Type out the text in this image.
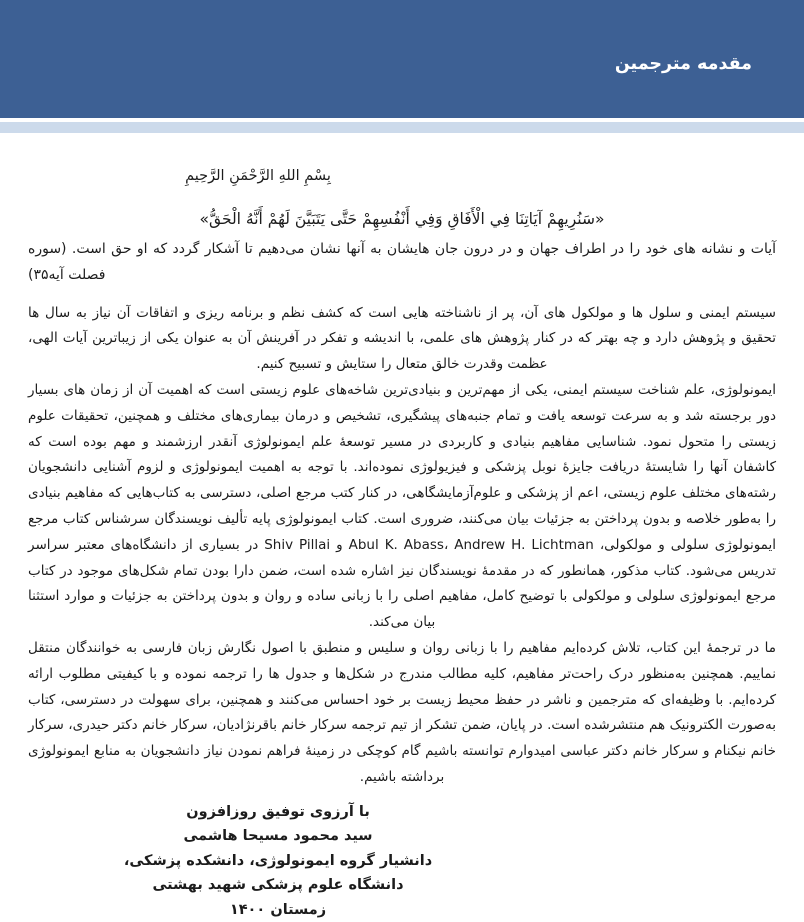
مقدمه مترجمین
بِسْمِ اللهِ الرَّحْمَنِ الرَّحِيمِ
«سَنُرِيهِمْ آيَاتِنَا فِي الْأَفَاقِ وَفِي أَنْفُسِهِمْ حَتَّى يَتَبَيَّنَ لَهُمْ أَنَّهُ الْحَقُّ»
آیات و نشانه های خود را در اطراف جهان و در درون جان هایشان به آنها نشان می‌دهیم تا آشکار گردد که او حق است. (سوره فصلت آیه۳۵)

سیستم ایمنی و سلول ها و مولکول های آن، پر از ناشناخته هایی است که کشف نظم و برنامه ریزی و اتفاقات آن نیاز به سال ها تحقیق و پژوهش دارد و چه بهتر که در کنار پژوهش های علمی، با اندیشه و تفکر در آفرینش آن به عنوان یکی از زیباترین آیات الهی، عظمت وقدرت خالق متعال را ستایش و تسبیح کنیم.

ایمونولوژی، علم شناخت سیستم ایمنی، یکی از مهم‌ترین و بنیادی‌ترین شاخه‌های علوم زیستی است که اهمیت آن از زمان های بسیار دور برجسته شد و به سرعت توسعه یافت و تمام جنبه‌های پیشگیری، تشخیص و درمان بیماری‌های مختلف و همچنین، تحقیقات علوم زیستی را متحول نمود. شناسایی مفاهیم بنیادی و کاربردی در مسیر توسعۀ علم ایمونولوژی آنقدر ارزشمند و مهم بوده است که کاشفان آنها را شایستۀ دریافت جایزۀ نوبل پزشکی و فیزیولوژی نموده‌اند. با توجه به اهمیت ایمونولوژی و لزوم آشنایی دانشجویان رشته‌های مختلف علوم زیستی، اعم از پزشکی و علوم‌آزمایشگاهی، در کنار کتب مرجع اصلی، دسترسی به کتاب‌هایی که مفاهیم بنیادی را به‌طور خلاصه و بدون پرداختن به جزئیات بیان می‌کنند، ضروری است. کتاب ایمونولوژی پایه تألیف نویسندگان سرشناس کتاب مرجع ایمونولوژی سلولی و مولکولی، Abul K. Abass، Andrew H. Lichtman و Shiv Pillai در بسیاری از دانشگاه‌های معتبر سراسر تدریس می‌شود. کتاب مذکور، همانطور که در مقدمۀ نویسندگان نیز اشاره شده است، ضمن دارا بودن تمام شکل‌های موجود در کتاب مرجع ایمونولوژی سلولی و مولکولی با توضیح کامل، مفاهیم اصلی را با زبانی ساده و روان و بدون پرداختن به جزئیات و موارد استثنا بیان می‌کند.

ما در ترجمۀ این کتاب، تلاش کرده‌ایم مفاهیم را با زبانی روان و سلیس و منطبق با اصول نگارش زبان فارسی به خوانندگان منتقل نماییم. همچنین به‌منظور درک راحت‌تر مفاهیم، کلیه مطالب مندرج در شکل‌ها و جدول ها را ترجمه نموده و با کیفیتی مطلوب ارائه کرده‌ایم. با وظیفه‌ای که مترجمین و ناشر در حفظ محیط زیست بر خود احساس می‌کنند و همچنین، برای سهولت در دسترسی، کتاب به‌صورت الکترونیک هم منتشرشده است. در پایان، ضمن تشکر از تیم ترجمه سرکار خانم باقرنژادیان، سرکار خانم دکتر حیدری، سرکار خانم نیکنام و سرکار خانم دکتر عباسی امیدوارم توانسته باشیم گام کوچکی در زمینۀ فراهم نمودن نیاز دانشجویان به منابع ایمونولوژی برداشته باشیم.

با آرزوی توفیق روزافزون
سید محمود مسیحا هاشمی
دانشیار گروه ایمونولوژی، دانشکده پزشکی،
دانشگاه علوم پزشکی شهید بهشتی
زمستان ۱۴۰۰
